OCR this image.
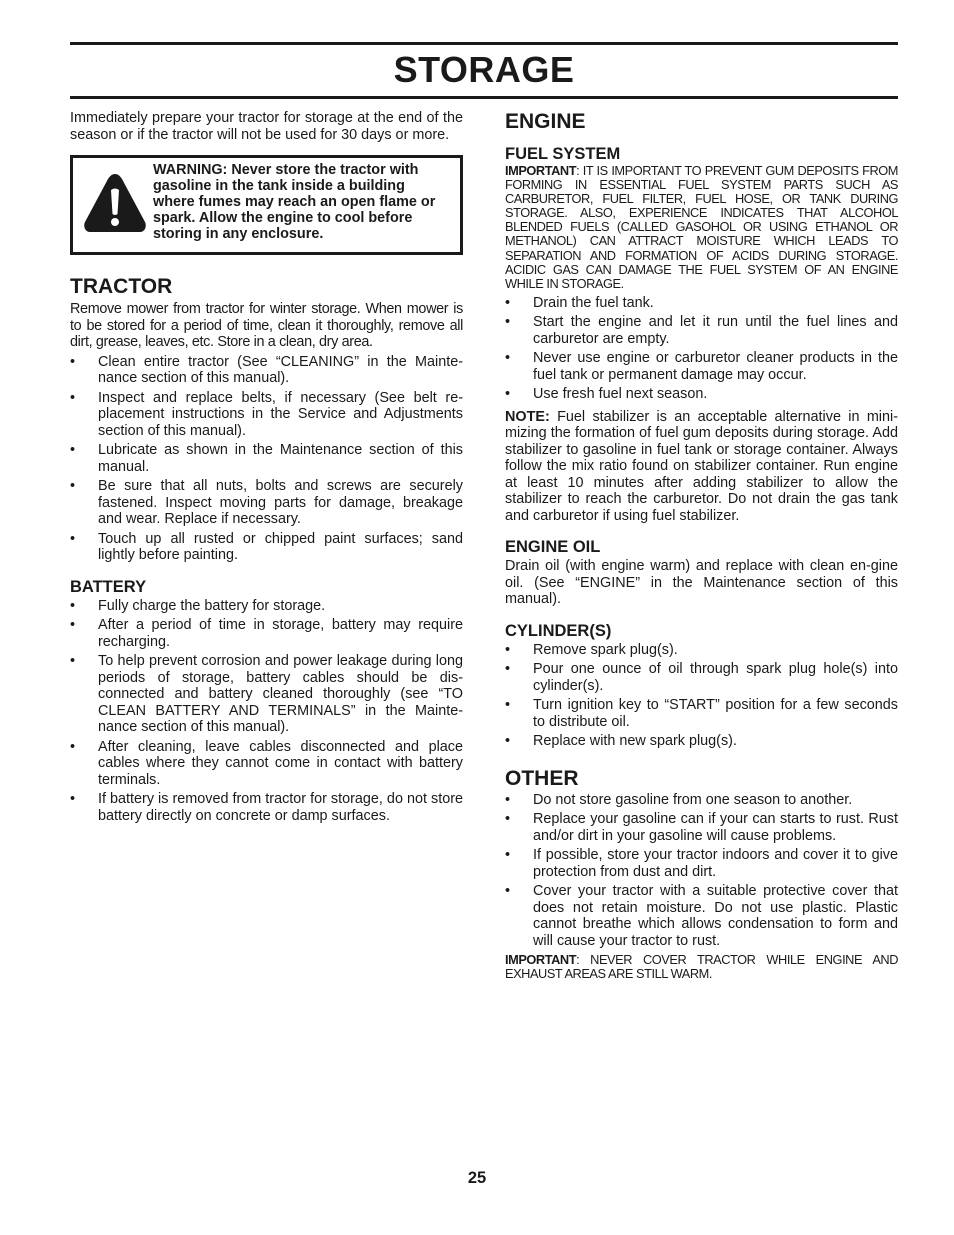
STORAGE

Immediately prepare your tractor for storage at the end of the season or if the tractor will not be used for 30 days or more.

WARNING: Never store the tractor with gasoline in the tank inside a building where fumes may reach an open flame or spark. Allow the engine to cool before storing in any enclosure.

TRACTOR

Remove mower from tractor for winter storage. When mower is to be stored for a period of time, clean it thoroughly, remove all dirt, grease, leaves, etc. Store in a clean, dry area.

• Clean entire tractor (See “CLEANING” in the Mainte-nance section of this manual).
• Inspect and replace belts, if necessary (See belt re-placement instructions in the Service and Adjustments section of this manual).
• Lubricate as shown in the Maintenance section of this manual.
• Be sure that all nuts, bolts and screws are securely fastened. Inspect moving parts for damage, breakage and wear. Replace if necessary.
• Touch up all rusted or chipped paint surfaces; sand lightly before painting.
BATTERY
• Fully charge the battery for storage.
• After a period of time in storage, battery may require recharging.
• To help prevent corrosion and power leakage during long periods of storage, battery cables should be dis-connected and battery cleaned thoroughly (see “TO CLEAN BATTERY AND TERMINALS” in the Mainte-nance section of this manual).
• After cleaning, leave cables disconnected and place cables where they cannot come in contact with battery terminals.
• If battery is removed from tractor for storage, do not store battery directly on concrete or damp surfaces.
ENGINE
FUEL SYSTEM

IMPORTANT: IT IS IMPORTANT TO PREVENT GUM DEPOSITS FROM FORMING IN ESSENTIAL FUEL SYSTEM PARTS SUCH AS CARBURETOR, FUEL FILTER, FUEL HOSE, OR TANK DURING STORAGE. ALSO, EXPERIENCE INDICATES THAT ALCOHOL BLENDED FUELS (CALLED GASOHOL OR USING ETHANOL OR METHANOL) CAN ATTRACT MOISTURE WHICH LEADS TO SEPARATION AND FORMATION OF ACIDS DURING STORAGE. ACIDIC GAS CAN DAMAGE THE FUEL SYSTEM OF AN ENGINE WHILE IN STORAGE.

• Drain the fuel tank.
• Start the engine and let it run until the fuel lines and carburetor are empty.
• Never use engine or carburetor cleaner products in the fuel tank or permanent damage may occur.
• Use fresh fuel next season.

NOTE: Fuel stabilizer is an acceptable alternative in mini-mizing the formation of fuel gum deposits during storage. Add stabilizer to gasoline in fuel tank or storage container. Always follow the mix ratio found on stabilizer container. Run engine at least 10 minutes after adding stabilizer to allow the stabilizer to reach the carburetor. Do not drain the gas tank and carburetor if using fuel stabilizer.

ENGINE OIL

Drain oil (with engine warm) and replace with clean en-gine oil. (See “ENGINE” in the Maintenance section of this manual).

CYLINDER(S)
• Remove spark plug(s).
• Pour one ounce of oil through spark plug hole(s) into cylinder(s).
• Turn ignition key to “START” position for a few seconds to distribute oil.
• Replace with new spark plug(s).
OTHER
• Do not store gasoline from one season to another.
• Replace your gasoline can if your can starts to rust. Rust and/or dirt in your gasoline will cause problems.
• If possible, store your tractor indoors and cover it to give protection from dust and dirt.
• Cover your tractor with a suitable protective cover that does not retain moisture. Do not use plastic. Plastic cannot breathe which allows condensation to form and will cause your tractor to rust.

IMPORTANT: NEVER COVER TRACTOR WHILE ENGINE AND EXHAUST AREAS ARE STILL WARM.

25
